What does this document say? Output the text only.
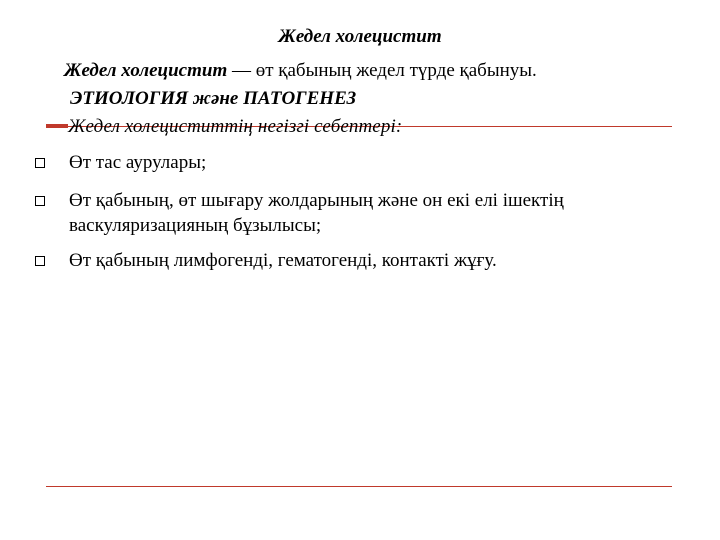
Жедел холецистит
Жедел холецистит — өт қабының жедел түрде қабынуы.
ЭТИОЛОГИЯ және ПАТОГЕНЕЗ
Жедел холециститтің негізгі себептері:
Өт тас аурулары;
Өт қабының, өт шығару жолдарының және он екі елі ішектің васкуляризацияның бұзылысы;
Өт қабының лимфогенді, гематогенді, контакті жұғу.
